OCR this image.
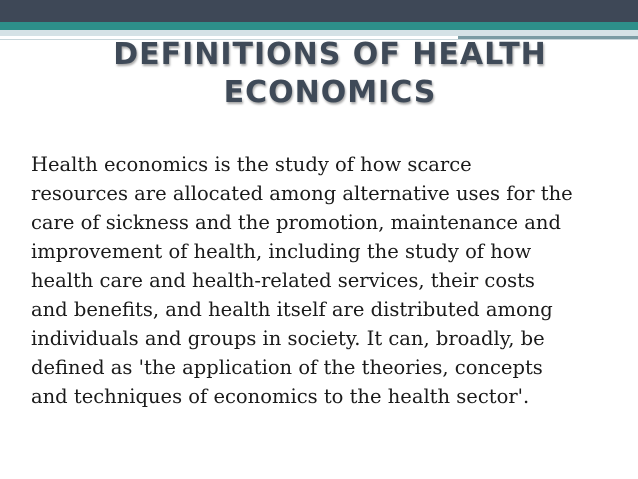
DEFINITIONS OF HEALTH
ECONOMICS

Health economics is the study of how scarce
resources are allocated among alternative uses for the
care of sickness and the promotion, maintenance and
improvement of health, including the study of how
health care and health-related services, their costs
and benefits, and health itself are distributed among
individuals and groups in society. It can, broadly, be
defined as 'the application of the theories, concepts
and techniques of economics to the health sector'.
